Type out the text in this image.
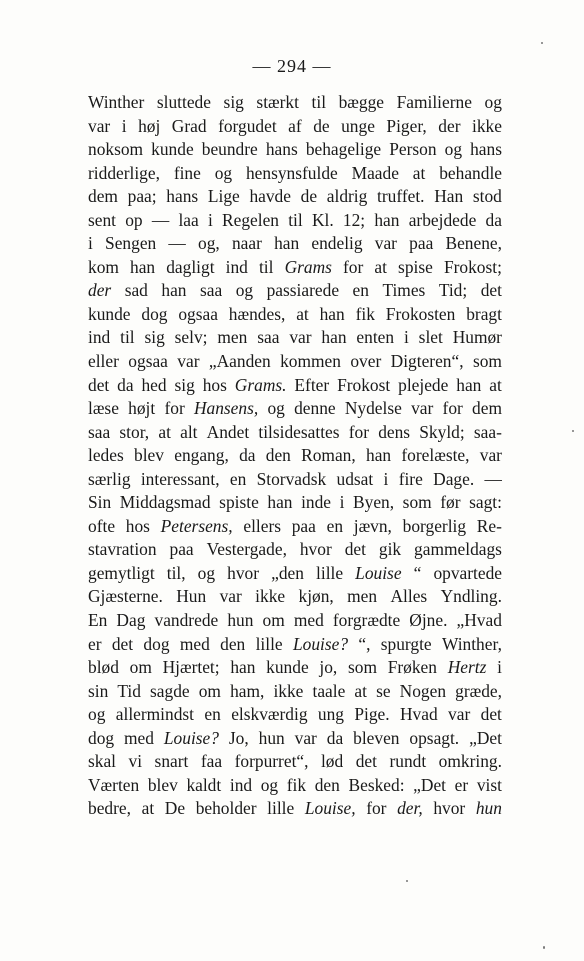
— 294 —
Winther sluttede sig stærkt til bægge Familierne og
var i høj Grad forgudet af de unge Piger, der ikke
noksom kunde beundre hans behagelige Person og hans
ridderlige, fine og hensynsfulde Maade at behandle
dem paa; hans Lige havde de aldrig truffet. Han stod
sent op — laa i Regelen til Kl. 12; han arbejdede da
i Sengen — og, naar han endelig var paa Benene,
kom han dagligt ind til Grams for at spise Frokost;
der sad han saa og passiarede en Times Tid; det
kunde dog ogsaa hændes, at han fik Frokosten bragt
ind til sig selv; men saa var han enten i slet Humør
eller ogsaa var „Aanden kommen over Digteren“, som
det da hed sig hos Grams. Efter Frokost plejede han at
læse højt for Hansens, og denne Nydelse var for dem
saa stor, at alt Andet tilsidesattes for dens Skyld; saa-
ledes blev engang, da den Roman, han forelæste, var
særlig interessant, en Storvadsk udsat i fire Dage. —
Sin Middagsmad spiste han inde i Byen, som før sagt:
ofte hos Petersens, ellers paa en jævn, borgerlig Re-
stavration paa Vestergade, hvor det gik gammeldags
gemytligt til, og hvor „den lille Louise “ opvartede
Gjæsterne. Hun var ikke kjøn, men Alles Yndling.
En Dag vandrede hun om med forgrædte Øjne. „Hvad
er det dog med den lille Louise? “, spurgte Winther,
blød om Hjærtet; han kunde jo, som Frøken Hertz i
sin Tid sagde om ham, ikke taale at se Nogen græde,
og allermindst en elskværdig ung Pige. Hvad var det
dog med Louise? Jo, hun var da bleven opsagt. „Det
skal vi snart faa forpurret“, lød det rundt omkring.
Værten blev kaldt ind og fik den Besked: „Det er vist
bedre, at De beholder lille Louise, for der, hvor hun
